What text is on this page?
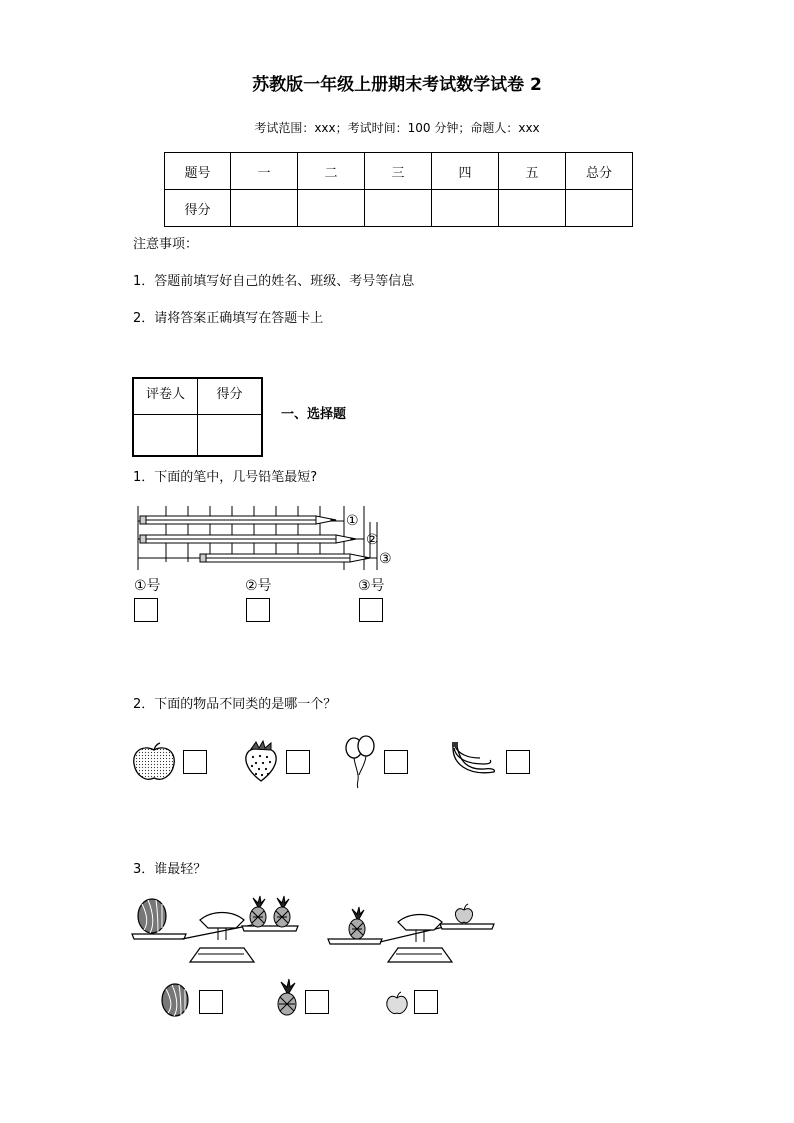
苏教版一年级上册期末考试数学试卷 2
考试范围：xxx；考试时间：100 分钟；命题人：xxx
题号	一	二	三	四	五	总分
得分						
注意事项：
1．答题前填写好自己的姓名、班级、考号等信息
2．请将答案正确填写在答题卡上
评卷人	得分

一、选择题
1．下面的笔中，几号铅笔最短?
①
②
③
①号	②号	③号
2．下面的物品不同类的是哪一个？
3．谁最轻？
